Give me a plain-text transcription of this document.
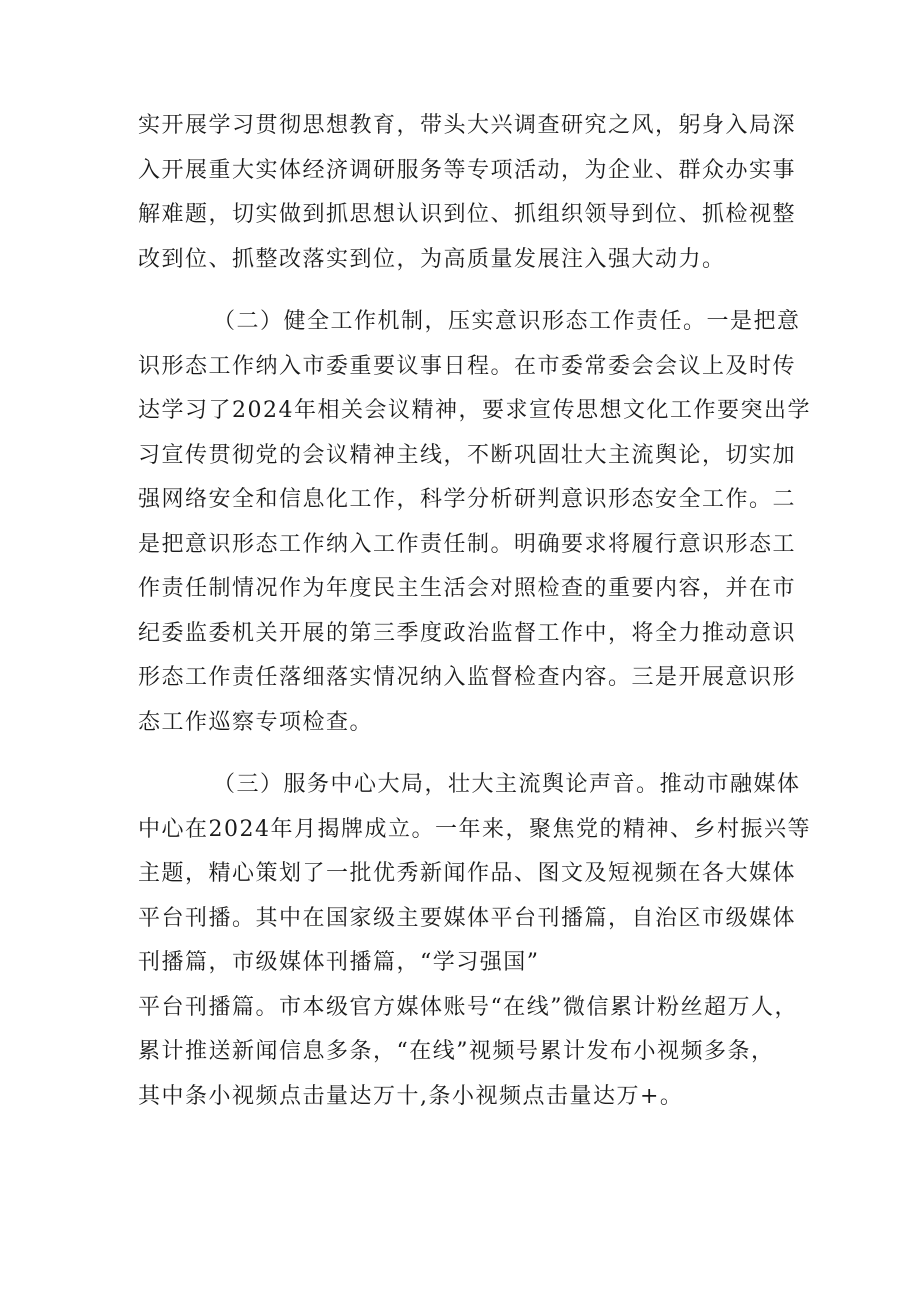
实开展学习贯彻思想教育，带头大兴调查研究之风，躬身入局深
入开展重大实体经济调研服务等专项活动，为企业、群众办实事
解难题，切实做到抓思想认识到位、抓组织领导到位、抓检视整
改到位、抓整改落实到位，为高质量发展注入强大动力。
（二）健全工作机制，压实意识形态工作责任。一是把意
识形态工作纳入市委重要议事日程。在市委常委会会议上及时传
达学习了2024年相关会议精神，要求宣传思想文化工作要突出学
习宣传贯彻党的会议精神主线，不断巩固壮大主流舆论，切实加
强网络安全和信息化工作，科学分析研判意识形态安全工作。二
是把意识形态工作纳入工作责任制。明确要求将履行意识形态工
作责任制情况作为年度民主生活会对照检查的重要内容，并在市
纪委监委机关开展的第三季度政治监督工作中，将全力推动意识
形态工作责任落细落实情况纳入监督检查内容。三是开展意识形
态工作巡察专项检查。
（三）服务中心大局，壮大主流舆论声音。推动市融媒体
中心在2024年月揭牌成立。一年来，聚焦党的精神、乡村振兴等
主题，精心策划了一批优秀新闻作品、图文及短视频在各大媒体
平台刊播。其中在国家级主要媒体平台刊播篇，自治区市级媒体
刊播篇，市级媒体刊播篇，“学习强国”
平台刊播篇。市本级官方媒体账号“在线”微信累计粉丝超万人，
累计推送新闻信息多条，“在线”视频号累计发布小视频多条，
其中条小视频点击量达万十,条小视频点击量达万+。
